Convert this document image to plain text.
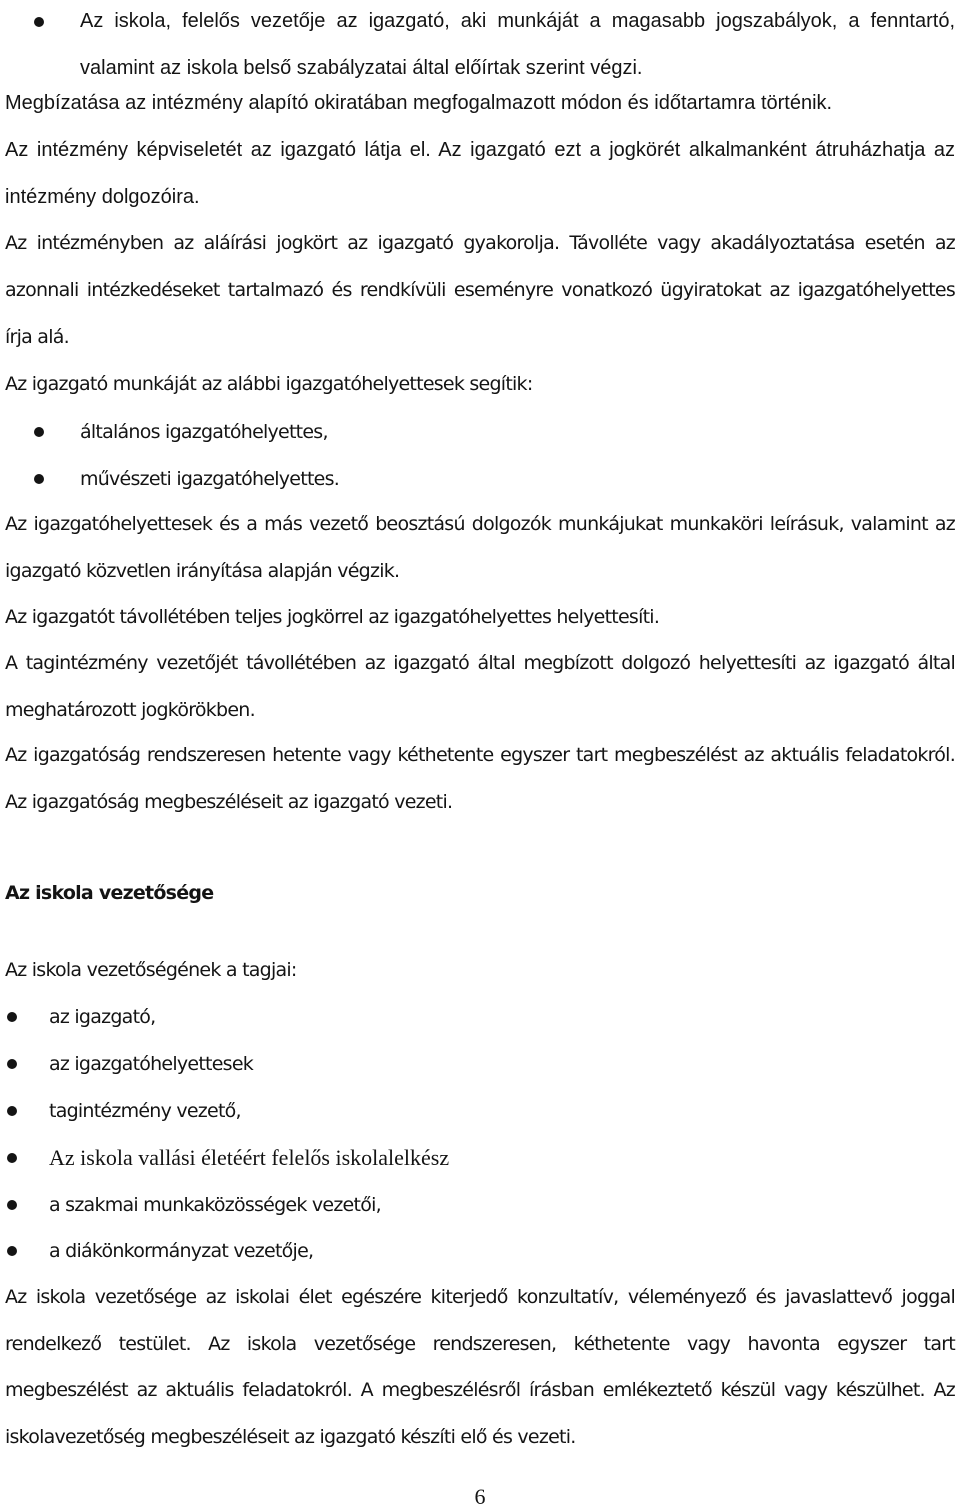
Az iskola, felelős vezetője az igazgató, aki munkáját a magasabb jogszabályok, a fenntartó, valamint az iskola belső szabályzatai által előírtak szerint végzi.
Megbízatása az intézmény alapító okiratában megfogalmazott módon és időtartamra történik.
Az intézmény képviseletét az igazgató látja el. Az igazgató ezt a jogkörét alkalmanként átruházhatja az intézmény dolgozóira.
Az intézményben az aláírási jogkört az igazgató gyakorolja. Távolléte vagy akadályoztatása esetén az azonnali intézkedéseket tartalmazó és rendkívüli eseményre vonatkozó ügyiratokat az igazgatóhelyettes írja alá.
Az igazgató munkáját az alábbi igazgatóhelyettesek segítik:
általános igazgatóhelyettes,
művészeti igazgatóhelyettes.
Az igazgatóhelyettesek és a más vezető beosztású dolgozók munkájukat munkaköri leírásuk, valamint az igazgató közvetlen irányítása alapján végzik.
Az igazgatót távollétében teljes jogkörrel az igazgatóhelyettes helyettesíti.
A tagintézmény vezetőjét távollétében az igazgató által megbízott dolgozó helyettesíti az igazgató által meghatározott jogkörökben.
Az igazgatóság rendszeresen hetente vagy kéthetente egyszer tart megbeszélést az aktuális feladatokról. Az igazgatóság megbeszéléseit az igazgató vezeti.
Az iskola vezetősége
Az iskola vezetőségének a tagjai:
az igazgató,
az igazgatóhelyettesek
tagintézmény vezető,
Az iskola vallási életéért felelős iskolalelkész
a szakmai munkaközösségek vezetői,
a diákönkormányzat vezetője,
Az iskola vezetősége az iskolai élet egészére kiterjedő konzultatív, véleményező és javaslattevő joggal rendelkező testület. Az iskola vezetősége rendszeresen, kéthetente vagy havonta egyszer tart megbeszélést az aktuális feladatokról. A megbeszélésről írásban emlékeztető készül vagy készülhet. Az iskolavezetőség megbeszéléseit az igazgató készíti elő és vezeti.
6
